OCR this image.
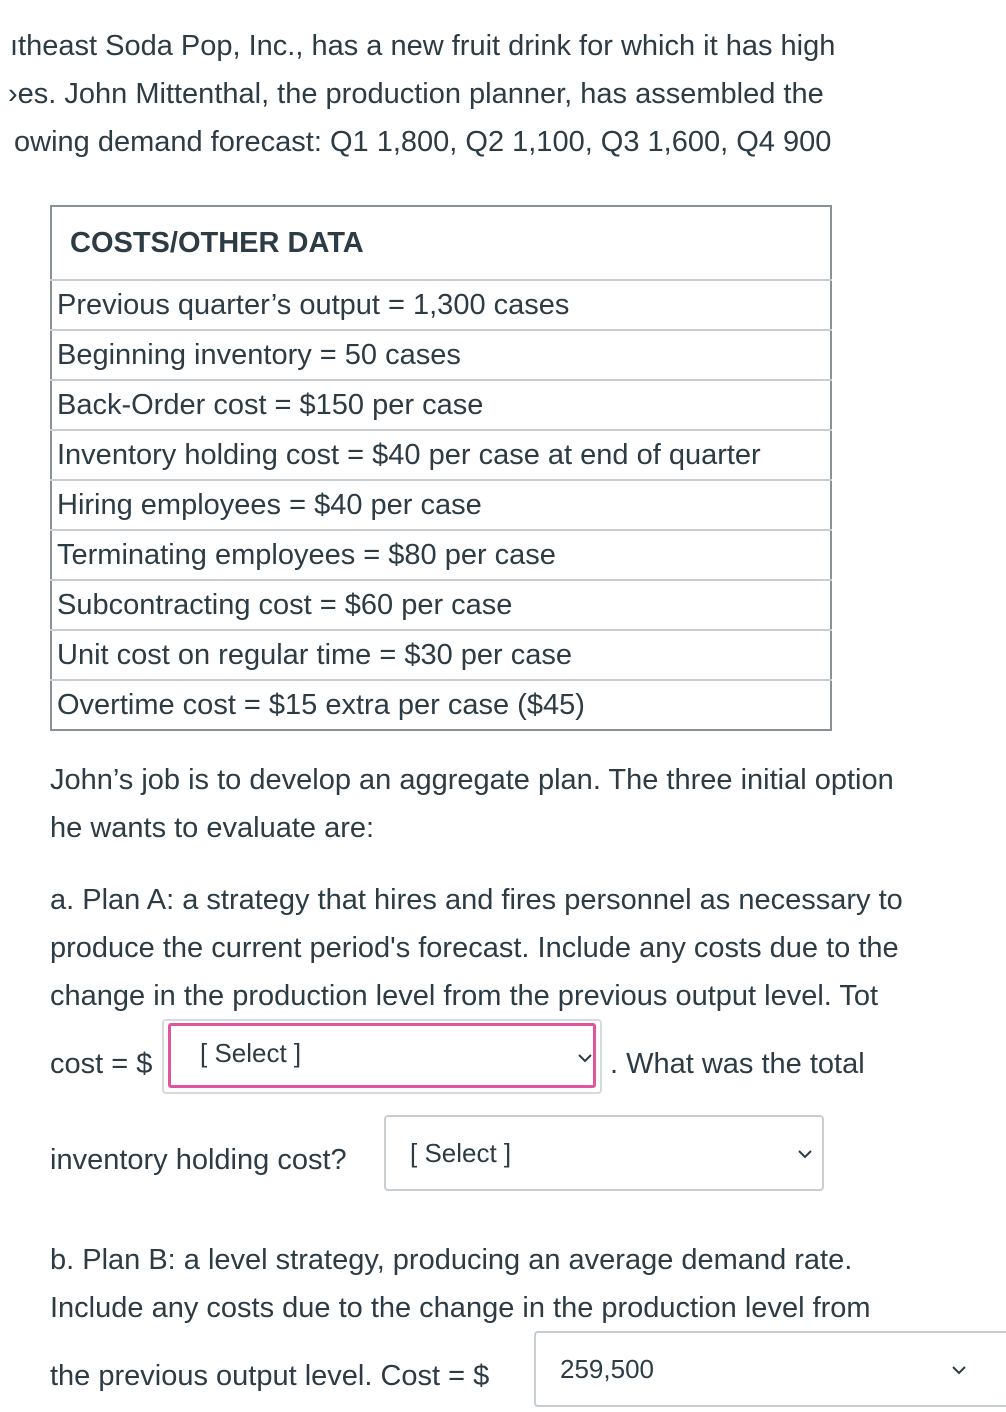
ıtheast Soda Pop, Inc., has a new fruit drink for which it has high
›es. John Mittenthal, the production planner, has assembled the
owing demand forecast: Q1 1,800, Q2 1,100, Q3 1,600, Q4 900
COSTS/OTHER DATA
Previous quarter’s output = 1,300 cases
Beginning inventory = 50 cases
Back-Order cost = $150 per case
Inventory holding cost = $40 per case at end of quarter
Hiring employees = $40 per case
Terminating employees = $80 per case
Subcontracting cost = $60 per case
Unit cost on regular time = $30 per case
Overtime cost = $15 extra per case ($45)
John’s job is to develop an aggregate plan. The three initial option
he wants to evaluate are:
a. Plan A: a strategy that hires and fires personnel as necessary to
produce the current period's forecast. Include any costs due to the
change in the production level from the previous output level. Tot
cost = $ [ Select ]	. What was the total
inventory holding cost? [ Select ]
b. Plan B: a level strategy, producing an average demand rate.
Include any costs due to the change in the production level from
the previous output level. Cost = $	259,500
